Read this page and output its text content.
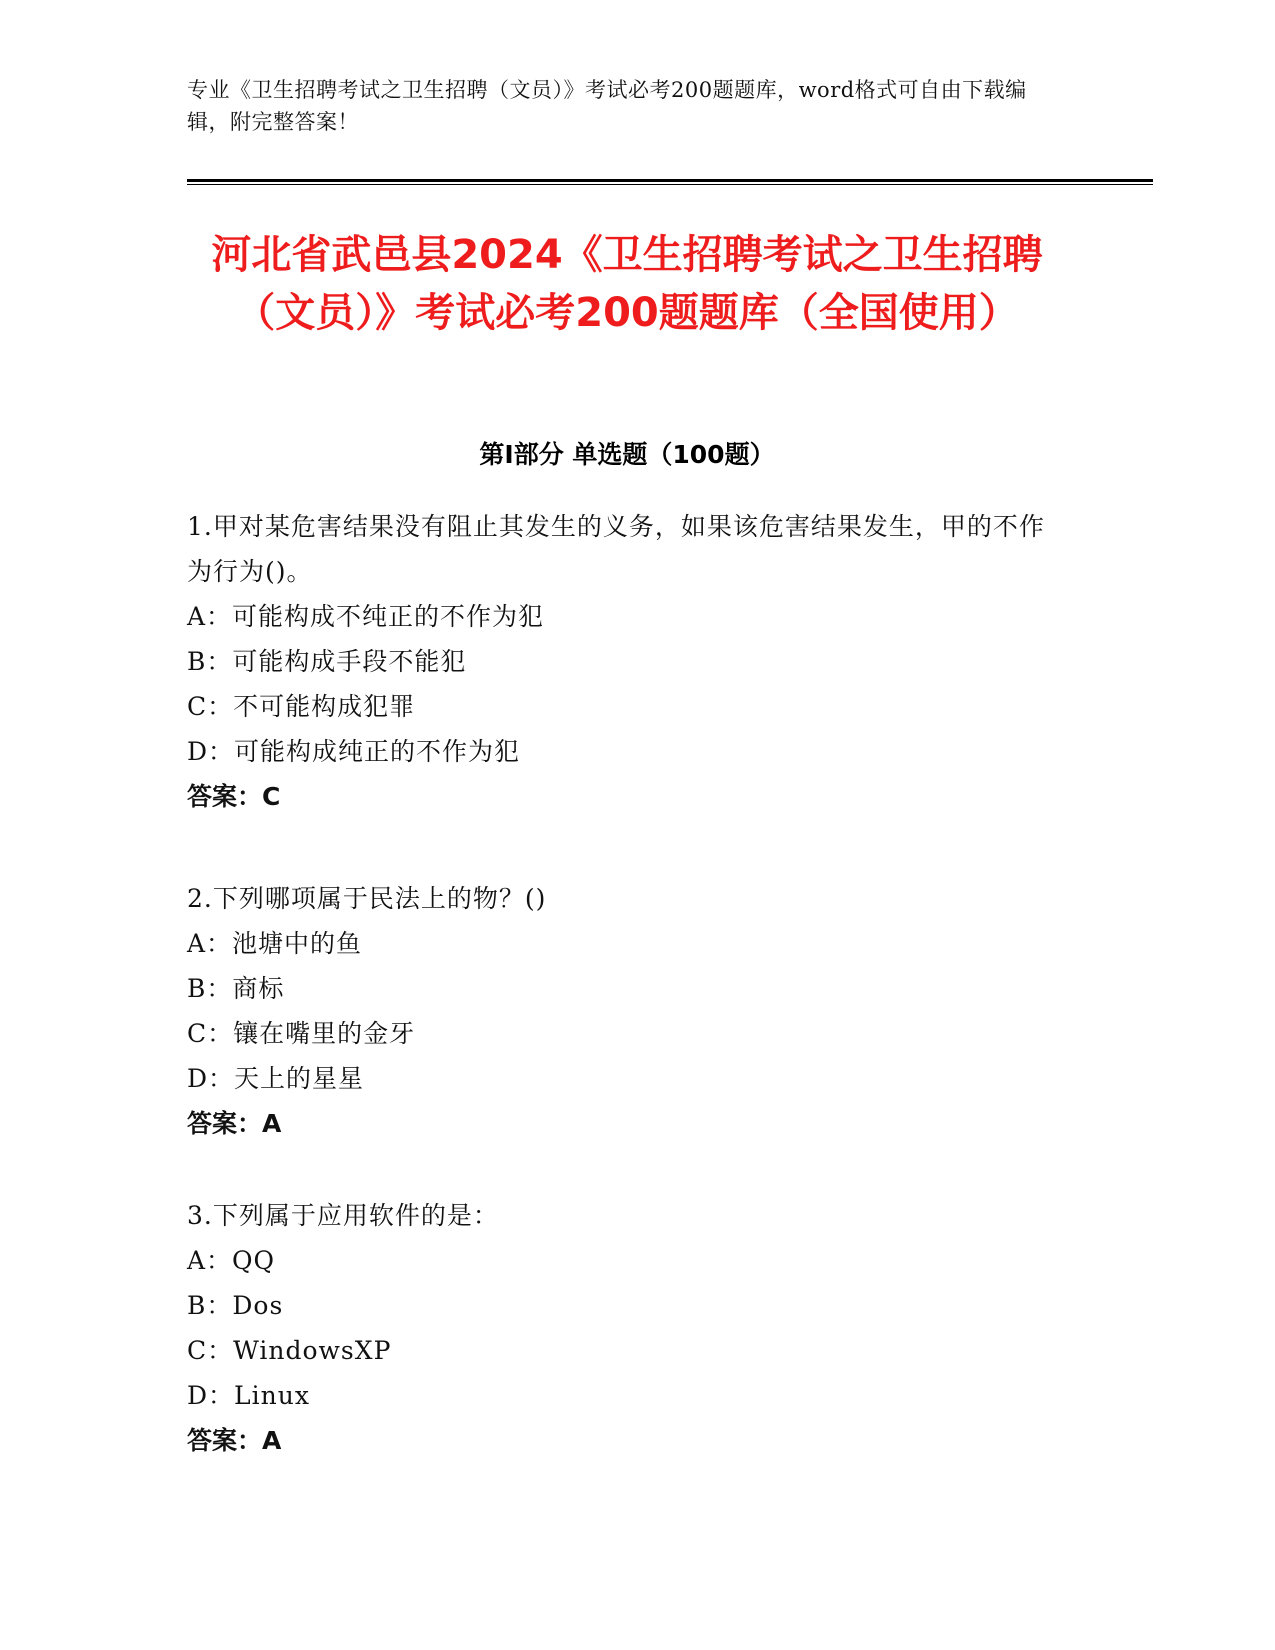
专业《卫生招聘考试之卫生招聘（文员）》考试必考200题题库，word格式可自由下载编辑，附完整答案！
河北省武邑县2024《卫生招聘考试之卫生招聘（文员）》考试必考200题题库（全国使用）
第I部分 单选题（100题）
1.甲对某危害结果没有阻止其发生的义务，如果该危害结果发生，甲的不作为行为()。
A：可能构成不纯正的不作为犯
B：可能构成手段不能犯
C：不可能构成犯罪
D：可能构成纯正的不作为犯
答案：C
2.下列哪项属于民法上的物？()
A：池塘中的鱼
B：商标
C：镶在嘴里的金牙
D：天上的星星
答案：A
3.下列属于应用软件的是：
A：QQ
B：Dos
C：WindowsXP
D：Linux
答案：A
